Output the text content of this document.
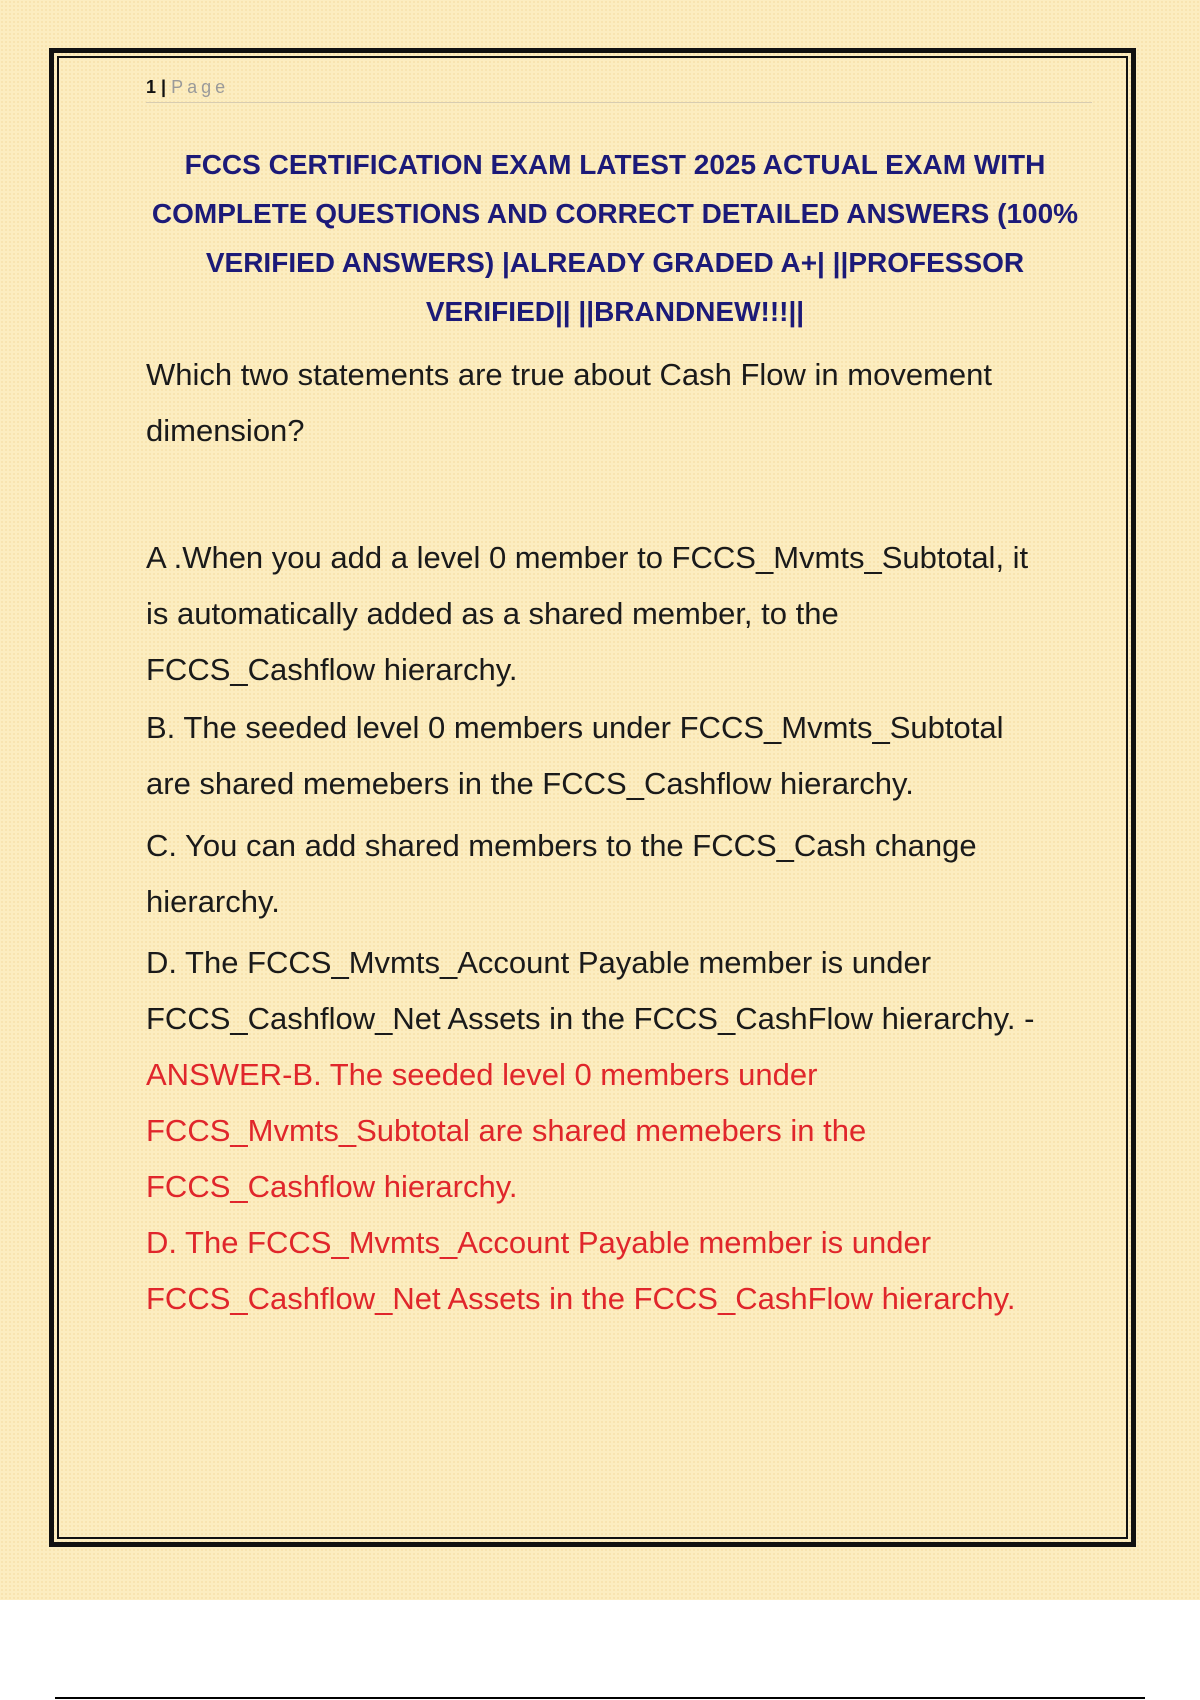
1 | Page
FCCS CERTIFICATION EXAM LATEST 2025 ACTUAL EXAM WITH COMPLETE QUESTIONS AND CORRECT DETAILED ANSWERS (100% VERIFIED ANSWERS) |ALREADY GRADED A+| ||PROFESSOR VERIFIED|| ||BRANDNEW!!!||
Which two statements are true about Cash Flow in movement
dimension?
A .When you add a level 0 member to FCCS_Mvmts_Subtotal, it
is automatically added as a shared member, to the
FCCS_Cashflow hierarchy.
B. The seeded level 0 members under FCCS_Mvmts_Subtotal
are shared memebers in the FCCS_Cashflow hierarchy.
C. You can add shared members to the FCCS_Cash change
hierarchy.
D. The FCCS_Mvmts_Account Payable member is under
FCCS_Cashflow_Net Assets in the FCCS_CashFlow hierarchy. -
ANSWER-B. The seeded level 0 members under
FCCS_Mvmts_Subtotal are shared memebers in the
FCCS_Cashflow hierarchy.
D. The FCCS_Mvmts_Account Payable member is under
FCCS_Cashflow_Net Assets in the FCCS_CashFlow hierarchy.
